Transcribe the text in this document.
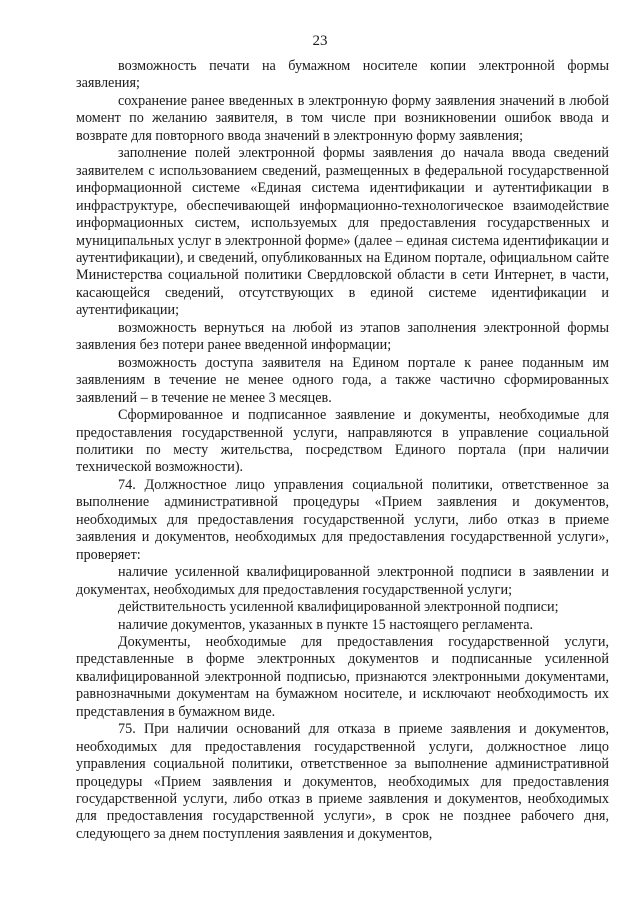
23

возможность печати на бумажном носителе копии электронной формы заявления;

сохранение ранее введенных в электронную форму заявления значений в любой момент по желанию заявителя, в том числе при возникновении ошибок ввода и возврате для повторного ввода значений в электронную форму заявления;

заполнение полей электронной формы заявления до начала ввода сведений заявителем с использованием сведений, размещенных в федеральной государственной информационной системе «Единая система идентификации и аутентификации в инфраструктуре, обеспечивающей информационно-технологическое взаимодействие информационных систем, используемых для предоставления государственных и муниципальных услуг в электронной форме» (далее – единая система идентификации и аутентификации), и сведений, опубликованных на Едином портале, официальном сайте Министерства социальной политики Свердловской области в сети Интернет, в части, касающейся сведений, отсутствующих в единой системе идентификации и аутентификации;

возможность вернуться на любой из этапов заполнения электронной формы заявления без потери ранее введенной информации;

возможность доступа заявителя на Едином портале к ранее поданным им заявлениям в течение не менее одного года, а также частично сформированных заявлений – в течение не менее 3 месяцев.

Сформированное и подписанное заявление и документы, необходимые для предоставления государственной услуги, направляются в управление социальной политики по месту жительства, посредством Единого портала (при наличии технической возможности).

74. Должностное лицо управления социальной политики, ответственное за выполнение административной процедуры «Прием заявления и документов, необходимых для предоставления государственной услуги, либо отказ в приеме заявления и документов, необходимых для предоставления государственной услуги», проверяет:

наличие усиленной квалифицированной электронной подписи в заявлении и документах, необходимых для предоставления государственной услуги;

действительность усиленной квалифицированной электронной подписи;

наличие документов, указанных в пункте 15 настоящего регламента.

Документы, необходимые для предоставления государственной услуги, представленные в форме электронных документов и подписанные усиленной квалифицированной электронной подписью, признаются электронными документами, равнозначными документам на бумажном носителе, и исключают необходимость их представления в бумажном виде.

75. При наличии оснований для отказа в приеме заявления и документов, необходимых для предоставления государственной услуги, должностное лицо управления социальной политики, ответственное за выполнение административной процедуры «Прием заявления и документов, необходимых для предоставления государственной услуги, либо отказ в приеме заявления и документов, необходимых для предоставления государственной услуги», в срок не позднее рабочего дня, следующего за днем поступления заявления и документов,
